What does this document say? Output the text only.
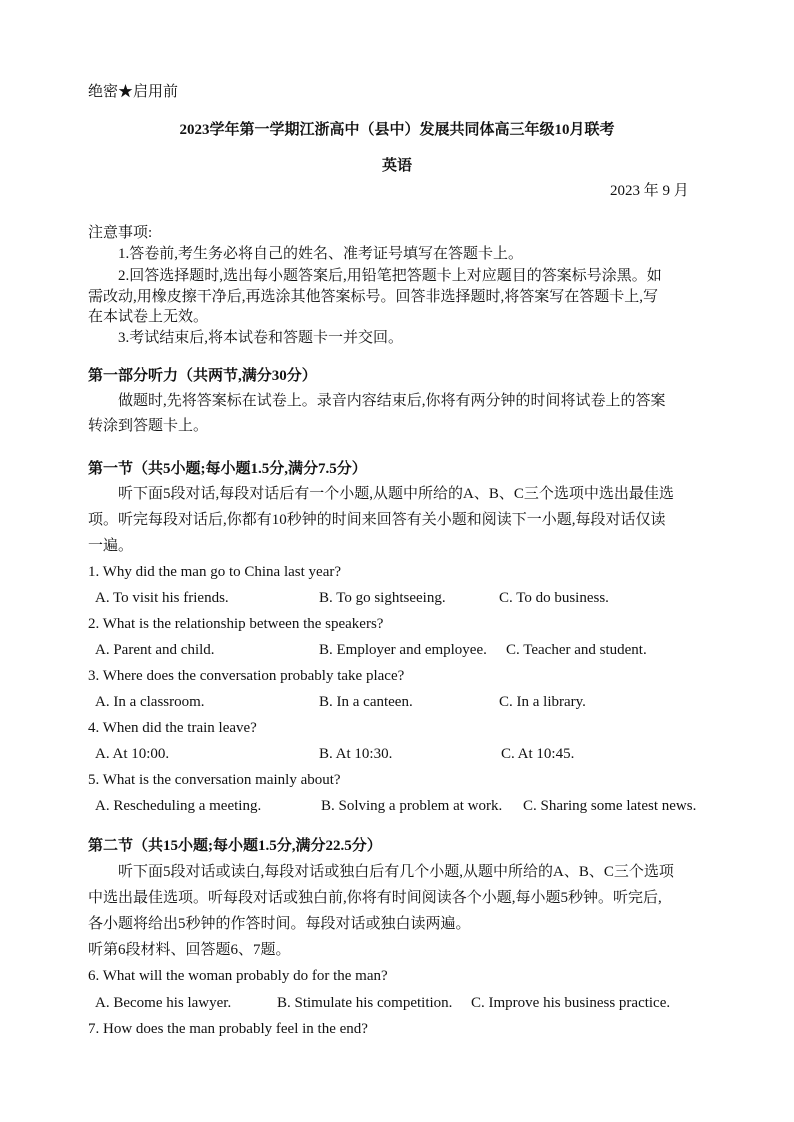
绝密★启用前
2023学年第一学期江浙高中（县中）发展共同体高三年级10月联考
英语
2023 年 9 月
注意事项:
1.答卷前,考生务必将自己的姓名、准考证号填写在答题卡上。
2.回答选择题时,选出每小题答案后,用铅笔把答题卡上对应题目的答案标号涂黑。如
需改动,用橡皮擦干净后,再选涂其他答案标号。回答非选择题时,将答案写在答题卡上,写
在本试卷上无效。
3.考试结束后,将本试卷和答题卡一并交回。
第一部分听力（共两节,满分30分）
做题时,先将答案标在试卷上。录音内容结束后,你将有两分钟的时间将试卷上的答案
转涂到答题卡上。
第一节（共5小题;每小题1.5分,满分7.5分）
听下面5段对话,每段对话后有一个小题,从题中所给的A、B、C三个选项中选出最佳选
项。听完每段对话后,你都有10秒钟的时间来回答有关小题和阅读下一小题,每段对话仅读
一遍。
1. Why did the man go to China last year?
A. To visit his friends.	B. To go sightseeing.	C. To do business.
2. What is the relationship between the speakers?
A. Parent and child.	B. Employer and employee. C. Teacher and student.
3. Where does the conversation probably take place?
A. In a classroom.	B. In a canteen.	C. In a library.
4. When did the train leave?
A. At 10:00.	B. At 10:30.	C. At 10:45.
5. What is the conversation mainly about?
A. Rescheduling a meeting.	B. Solving a problem at work. C. Sharing some latest news.
第二节（共15小题;每小题1.5分,满分22.5分）
听下面5段对话或读白,每段对话或独白后有几个小题,从题中所给的A、B、C三个选项
中选出最佳选项。听每段对话或独白前,你将有时间阅读各个小题,每小题5秒钟。听完后,
各小题将给出5秒钟的作答时间。每段对话或独白读两遍。
听第6段材料、回答题6、7题。
6. What will the woman probably do for the man?
A. Become his lawyer.	B. Stimulate his competition. C. Improve his business practice.
7. How does the man probably feel in the end?
